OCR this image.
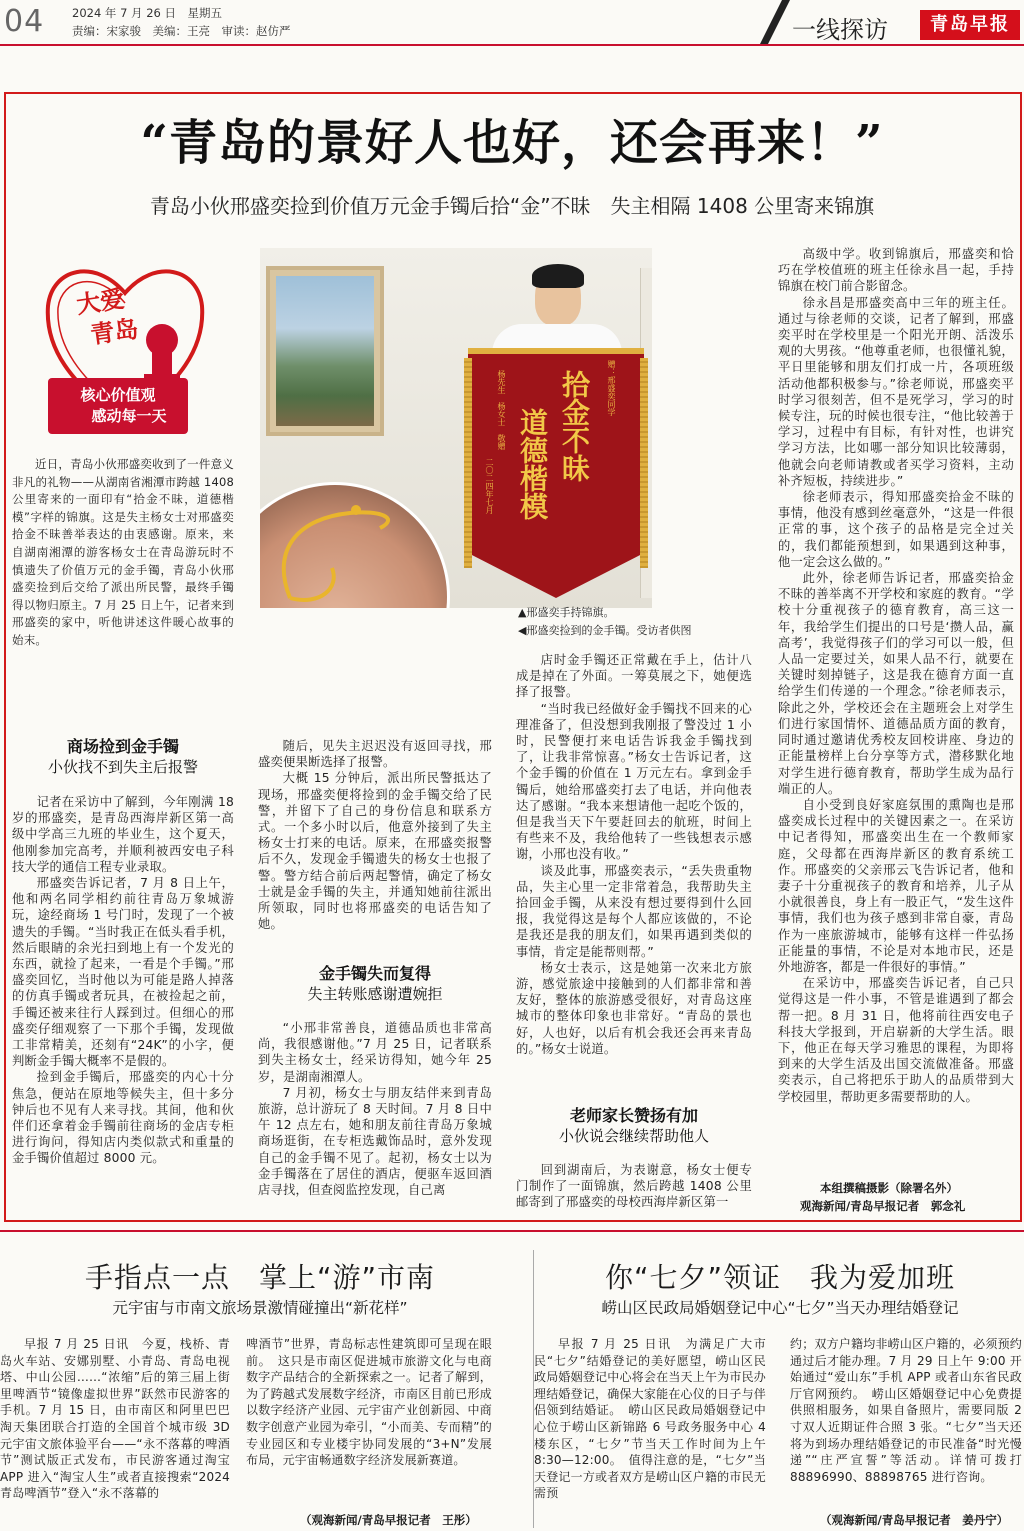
04 2024 年 7 月 26 日　星期五
责编：宋家骏　美编：王亮　审读：赵仿严	一线探访	青岛早报
“青岛的景好人也好，还会再来！”
青岛小伙邢盛奕捡到价值万元金手镯后拾“金”不昧　失主相隔 1408 公里寄来锦旗
大爱
青岛
核心价值观
感动每一天	拾金不昧
道德楷模
赠：邢盛奕同学
杨先生　杨女士　敬赠
二〇二四年七月
▲邢盛奕手持锦旗。
◀邢盛奕捡到的金手镯。受访者供图

近日，青岛小伙邢盛奕收到了一件意义非凡的礼物——从湖南省湘潭市跨越 1408 公里寄来的一面印有“拾金不昧，道德楷模”字样的锦旗。这是失主杨女士对邢盛奕拾金不昧善举表达的由衷感谢。原来，来自湖南湘潭的游客杨女士在青岛游玩时不慎遗失了价值万元的金手镯，青岛小伙邢盛奕捡到后交给了派出所民警，最终手镯得以物归原主。7 月 25 日上午，记者来到邢盛奕的家中，听他讲述这件暖心故事的始末。

商场捡到金手镯
小伙找不到失主后报警

记者在采访中了解到，今年刚满 18 岁的邢盛奕，是青岛西海岸新区第一高级中学高三九班的毕业生，这个夏天，他刚参加完高考，并顺利被西安电子科技大学的通信工程专业录取。

邢盛奕告诉记者，7 月 8 日上午，他和两名同学相约前往青岛万象城游玩，途经商场 1 号门时，发现了一个被遗失的手镯。“当时我正在低头看手机，然后眼睛的余光扫到地上有一个发光的东西，就捡了起来，一看是个手镯。”邢盛奕回忆，当时他以为可能是路人掉落的仿真手镯或者玩具，在被捡起之前，手镯还被来往行人踩到过。但细心的邢盛奕仔细观察了一下那个手镯，发现做工非常精美，还刻有“24K”的小字，便判断金手镯大概率不是假的。

捡到金手镯后，邢盛奕的内心十分焦急，便站在原地等候失主，但十多分钟后也不见有人来寻找。其间，他和伙伴们还拿着金手镯前往商场的金店专柜进行询问，得知店内类似款式和重量的金手镯价值超过 8000 元。

随后，见失主迟迟没有返回寻找，邢盛奕便果断选择了报警。

大概 15 分钟后，派出所民警抵达了现场，邢盛奕便将捡到的金手镯交给了民警，并留下了自己的身份信息和联系方式。一个多小时以后，他意外接到了失主杨女士打来的电话。原来，在邢盛奕报警后不久，发现金手镯遗失的杨女士也报了警。警方结合前后两起警情，确定了杨女士就是金手镯的失主，并通知她前往派出所领取，同时也将邢盛奕的电话告知了她。

金手镯失而复得
失主转账感谢遭婉拒

“小邢非常善良，道德品质也非常高尚，我很感谢他。”7 月 25 日，记者联系到失主杨女士，经采访得知，她今年 25 岁，是湖南湘潭人。

7 月初，杨女士与朋友结伴来到青岛旅游，总计游玩了 8 天时间。7 月 8 日中午 12 点左右，她和朋友前往青岛万象城商场逛街，在专柜选戴饰品时，意外发现自己的金手镯不见了。起初，杨女士以为金手镯落在了居住的酒店，便驱车返回酒店寻找，但查阅监控发现，自己离

店时金手镯还正常戴在手上，估计八成是掉在了外面。一筹莫展之下，她便选择了报警。

“当时我已经做好金手镯找不回来的心理准备了，但没想到我刚报了警没过 1 小时，民警便打来电话告诉我金手镯找到了，让我非常惊喜。”杨女士告诉记者，这个金手镯的价值在 1 万元左右。拿到金手镯后，她给邢盛奕打去了电话，并向他表达了感谢。“我本来想请他一起吃个饭的，但是我当天下午要赶回去的航班，时间上有些来不及，我给他转了一些钱想表示感谢，小邢也没有收。”

谈及此事，邢盛奕表示，“丢失贵重物品，失主心里一定非常着急，我帮助失主拾回金手镯，从来没有想过要得到什么回报，我觉得这是每个人都应该做的，不论是我还是我的朋友们，如果再遇到类似的事情，肯定是能帮则帮。”

杨女士表示，这是她第一次来北方旅游，感觉旅途中接触到的人们都非常和善友好，整体的旅游感受很好，对青岛这座城市的整体印象也非常好。“青岛的景也好，人也好，以后有机会我还会再来青岛的。”杨女士说道。

老师家长赞扬有加
小伙说会继续帮助他人

回到湖南后，为表谢意，杨女士便专门制作了一面锦旗，然后跨越 1408 公里邮寄到了邢盛奕的母校西海岸新区第一

高级中学。收到锦旗后，邢盛奕和恰巧在学校值班的班主任徐永昌一起，手持锦旗在校门前合影留念。

徐永昌是邢盛奕高中三年的班主任。通过与徐老师的交谈，记者了解到，邢盛奕平时在学校里是一个阳光开朗、活泼乐观的大男孩。“他尊重老师，也很懂礼貌，平日里能够和朋友们打成一片，各项班级活动他都积极参与。”徐老师说，邢盛奕平时学习很刻苦，但不是死学习，学习的时候专注，玩的时候也很专注，“他比较善于学习，过程中有目标，有针对性，也讲究学习方法，比如哪一部分知识比较薄弱，他就会向老师请教或者买学习资料，主动补齐短板，持续进步。”

徐老师表示，得知邢盛奕拾金不昧的事情，他没有感到丝毫意外，“这是一件很正常的事，这个孩子的品格是完全过关的，我们都能预想到，如果遇到这种事，他一定会这么做的。”

此外，徐老师告诉记者，邢盛奕拾金不昧的善举离不开学校和家庭的教育。“学校十分重视孩子的德育教育，高三这一年，我给学生们提出的口号是‘攒人品，赢高考’，我觉得孩子们的学习可以一般，但人品一定要过关，如果人品不行，就要在关键时刻掉链子，这是我在德育方面一直给学生们传递的一个理念。”徐老师表示，除此之外，学校还会在主题班会上对学生们进行家国情怀、道德品质方面的教育，同时通过邀请优秀校友回校讲座、身边的正能量榜样上台分享等方式，潜移默化地对学生进行德育教育，帮助学生成为品行端正的人。

自小受到良好家庭氛围的熏陶也是邢盛奕成长过程中的关键因素之一。在采访中记者得知，邢盛奕出生在一个教师家庭，父母都在西海岸新区的教育系统工作。邢盛奕的父亲邢云飞告诉记者，他和妻子十分重视孩子的教育和培养，儿子从小就很善良，身上有一股正气，“发生这件事情，我们也为孩子感到非常自豪，青岛作为一座旅游城市，能够有这样一件弘扬正能量的事情，不论是对本地市民，还是外地游客，都是一件很好的事情。”

在采访中，邢盛奕告诉记者，自己只觉得这是一件小事，不管是谁遇到了都会帮一把。8 月 31 日，他将前往西安电子科技大学报到，开启崭新的大学生活。眼下，他正在每天学习雅思的课程，为即将到来的大学生活及出国交流做准备。邢盛奕表示，自己将把乐于助人的品质带到大学校园里，帮助更多需要帮助的人。

本组撰稿摄影（除署名外）
观海新闻/青岛早报记者　郭念礼
手指点一点　掌上“游”市南
元宇宙与市南文旅场景激情碰撞出“新花样”

早报 7 月 25 日讯　今夏，栈桥、青岛火车站、安娜别墅、小青岛、青岛电视塔、中山公园……“浓缩”后的第三届上街里啤酒节“镜像虚拟世界”跃然市民游客的手机。7 月 15 日，由市南区和阿里巴巴淘天集团联合打造的全国首个城市级 3D 元宇宙文旅体验平台——“永不落幕的啤酒节”测试版正式发布，市民游客通过淘宝 APP 进入“淘宝人生”或者直接搜索“2024 青岛啤酒节”登入“永不落幕的

啤酒节”世界，青岛标志性建筑即可呈现在眼前。　这只是市南区促进城市旅游文化与电商数字产品结合的全新探索之一。记者了解到，为了跨越式发展数字经济，市南区目前已形成以数字经济产业园、元宇宙产业创新园、中商数字创意产业园为牵引，“小而美、专而精”的专业园区和专业楼宇协同发展的“3+N”发展布局，元宇宙畅通数字经济发展新赛道。

（观海新闻/青岛早报记者　王彤）
你“七夕”领证　我为爱加班
崂山区民政局婚姻登记中心“七夕”当天办理结婚登记

早报 7 月 25 日讯　为满足广大市民“七夕”结婚登记的美好愿望，崂山区民政局婚姻登记中心将会在当天上午为市民办理结婚登记，确保大家能在心仪的日子与伴侣领到结婚证。　崂山区民政局婚姻登记中心位于崂山区新锦路 6 号政务服务中心 4 楼东区，“七夕”节当天工作时间为上午 8:30—12:00。　值得注意的是，“七夕”当天登记一方或者双方是崂山区户籍的市民无需预

约；双方户籍均非崂山区户籍的，必须预约通过后才能办理。7 月 29 日上午 9:00 开始通过“爱山东”手机 APP 或者山东省民政厅官网预约。　崂山区婚姻登记中心免费提供照相服务，如果自备照片，需要同版 2 寸双人近期证件合照 3 张。“七夕”当天还将为到场办理结婚登记的市民准备“时光慢递”“庄严宣誓”等活动。详情可拨打 88896990、88898765 进行咨询。

（观海新闻/青岛早报记者　姜丹宁）
